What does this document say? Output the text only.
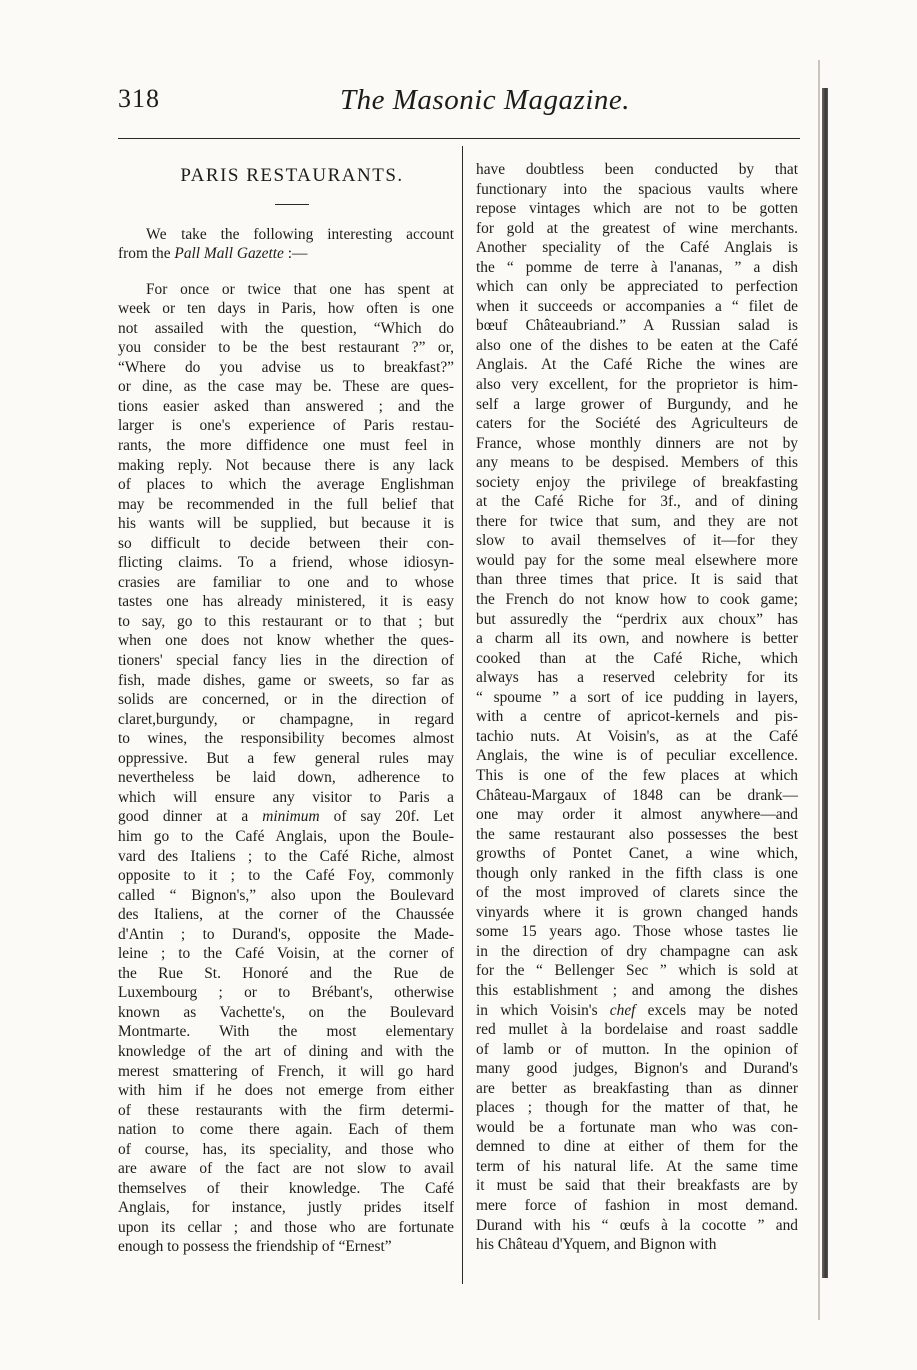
318	The Masonic Magazine.
PARIS RESTAURANTS.

We take the following interesting account

from the Pall Mall Gazette :—

For once or twice that one has spent at

week or ten days in Paris, how often is one

not assailed with the question, “Which do

you consider to be the best restaurant ?” or,

“Where do you advise us to breakfast?”

or dine, as the case may be. These are ques-

tions easier asked than answered ; and the

larger is one's experience of Paris restau-

rants, the more diffidence one must feel in

making reply. Not because there is any lack

of places to which the average Englishman

may be recommended in the full belief that

his wants will be supplied, but because it is

so difficult to decide between their con-

flicting claims. To a friend, whose idiosyn-

crasies are familiar to one and to whose

tastes one has already ministered, it is easy

to say, go to this restaurant or to that ; but

when one does not know whether the ques-

tioners' special fancy lies in the direction of

fish, made dishes, game or sweets, so far as

solids are concerned, or in the direction of

claret,burgundy, or champagne, in regard

to wines, the responsibility becomes almost

oppressive. But a few general rules may

nevertheless be laid down, adherence to

which will ensure any visitor to Paris a

good dinner at a minimum of say 20f. Let

him go to the Café Anglais, upon the Boule-

vard des Italiens ; to the Café Riche, almost

opposite to it ; to the Café Foy, commonly

called “ Bignon's,” also upon the Boulevard

des Italiens, at the corner of the Chaussée

d'Antin ; to Durand's, opposite the Made-

leine ; to the Café Voisin, at the corner of

the Rue St. Honoré and the Rue de

Luxembourg ; or to Brébant's, otherwise

known as Vachette's, on the Boulevard

Montmarte. With the most elementary

knowledge of the art of dining and with the

merest smattering of French, it will go hard

with him if he does not emerge from either

of these restaurants with the firm determi-

nation to come there again. Each of them

of course, has, its speciality, and those who

are aware of the fact are not slow to avail

themselves of their knowledge. The Café

Anglais, for instance, justly prides itself

upon its cellar ; and those who are fortunate

enough to possess the friendship of “Ernest”

have doubtless been conducted by that

functionary into the spacious vaults where

repose vintages which are not to be gotten

for gold at the greatest of wine merchants.

Another speciality of the Café Anglais is

the “ pomme de terre à l'ananas, ” a dish

which can only be appreciated to perfection

when it succeeds or accompanies a “ filet de

bœuf Châteaubriand.” A Russian salad is

also one of the dishes to be eaten at the Café

Anglais. At the Café Riche the wines are

also very excellent, for the proprietor is him-

self a large grower of Burgundy, and he

caters for the Société des Agriculteurs de

France, whose monthly dinners are not by

any means to be despised. Members of this

society enjoy the privilege of breakfasting

at the Café Riche for 3f., and of dining

there for twice that sum, and they are not

slow to avail themselves of it—for they

would pay for the some meal elsewhere more

than three times that price. It is said that

the French do not know how to cook game;

but assuredly the “perdrix aux choux” has

a charm all its own, and nowhere is better

cooked than at the Café Riche, which

always has a reserved celebrity for its

“ spoume ” a sort of ice pudding in layers,

with a centre of apricot-kernels and pis-

tachio nuts. At Voisin's, as at the Café

Anglais, the wine is of peculiar excellence.

This is one of the few places at which

Château-Margaux of 1848 can be drank—

one may order it almost anywhere—and

the same restaurant also possesses the best

growths of Pontet Canet, a wine which,

though only ranked in the fifth class is one

of the most improved of clarets since the

vinyards where it is grown changed hands

some 15 years ago. Those whose tastes lie

in the direction of dry champagne can ask

for the “ Bellenger Sec ” which is sold at

this establishment ; and among the dishes

in which Voisin's chef excels may be noted

red mullet à la bordelaise and roast saddle

of lamb or of mutton. In the opinion of

many good judges, Bignon's and Durand's

are better as breakfasting than as dinner

places ; though for the matter of that, he

would be a fortunate man who was con-

demned to dine at either of them for the

term of his natural life. At the same time

it must be said that their breakfasts are by

mere force of fashion in most demand.

Durand with his “ œufs à la cocotte ” and

his Château d'Yquem, and Bignon with
